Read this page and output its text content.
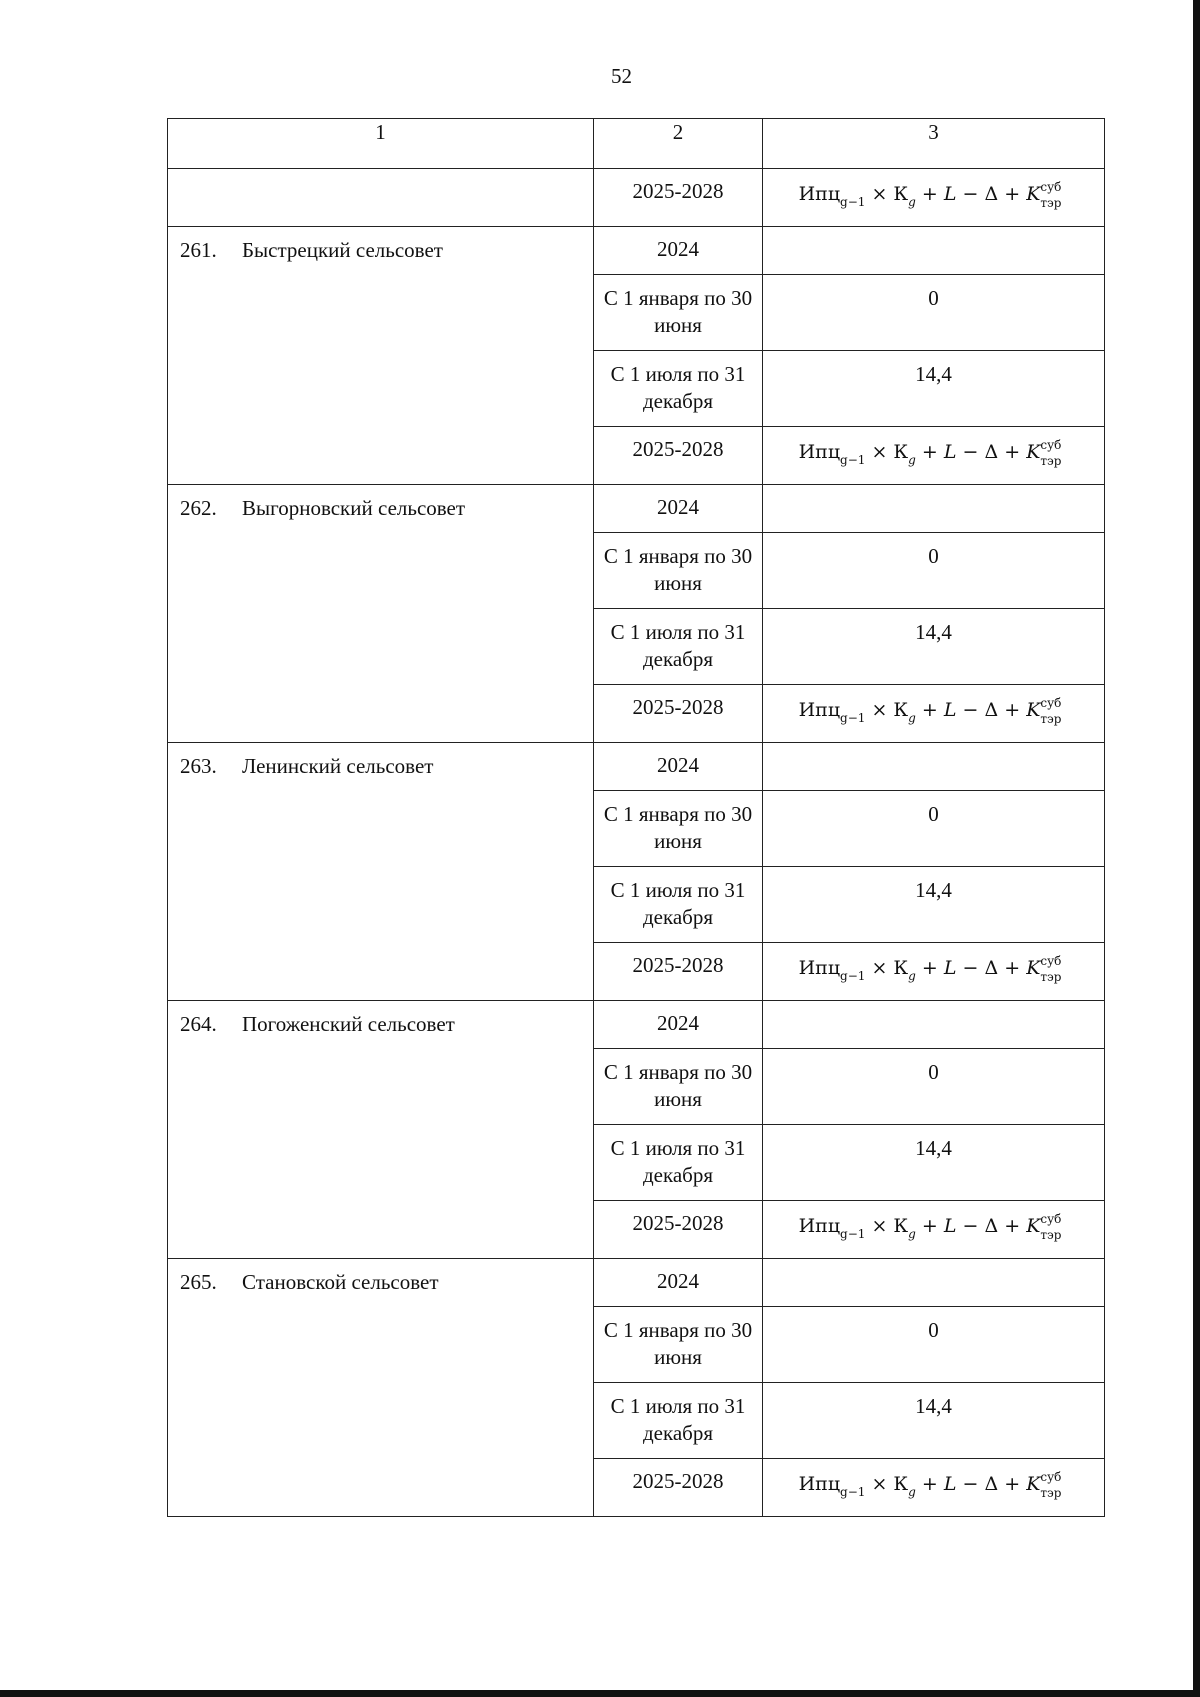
52
1	2	3

	2025-2028	$Ипц_{g-1} \times К_g + L - \Delta + K$ суб
тэр

261. Быстрецкий сельсовет	2024	

	С 1 января по 30 июня	0

	С 1 июля по 31 декабря	14,4

	2025-2028	$Ипц_{g-1} \times К_g + L - \Delta + K$ суб
тэр

262. Выгорновский сельсовет	2024	

	С 1 января по 30 июня	0

	С 1 июля по 31 декабря	14,4

	2025-2028	$Ипц_{g-1} \times К_g + L - \Delta + K$ суб
тэр

263. Ленинский сельсовет	2024	

	С 1 января по 30 июня	0

	С 1 июля по 31 декабря	14,4

	2025-2028	$Ипц_{g-1} \times К_g + L - \Delta + K$ суб
тэр

264. Погоженский сельсовет	2024	

	С 1 января по 30 июня	0

	С 1 июля по 31 декабря	14,4

	2025-2028	$Ипц_{g-1} \times К_g + L - \Delta + K$ суб
тэр

265. Становской сельсовет	2024	

	С 1 января по 30 июня	0

	С 1 июля по 31 декабря	14,4

	2025-2028	$Ипц_{g-1} \times К_g + L - \Delta + K$ суб
тэр
